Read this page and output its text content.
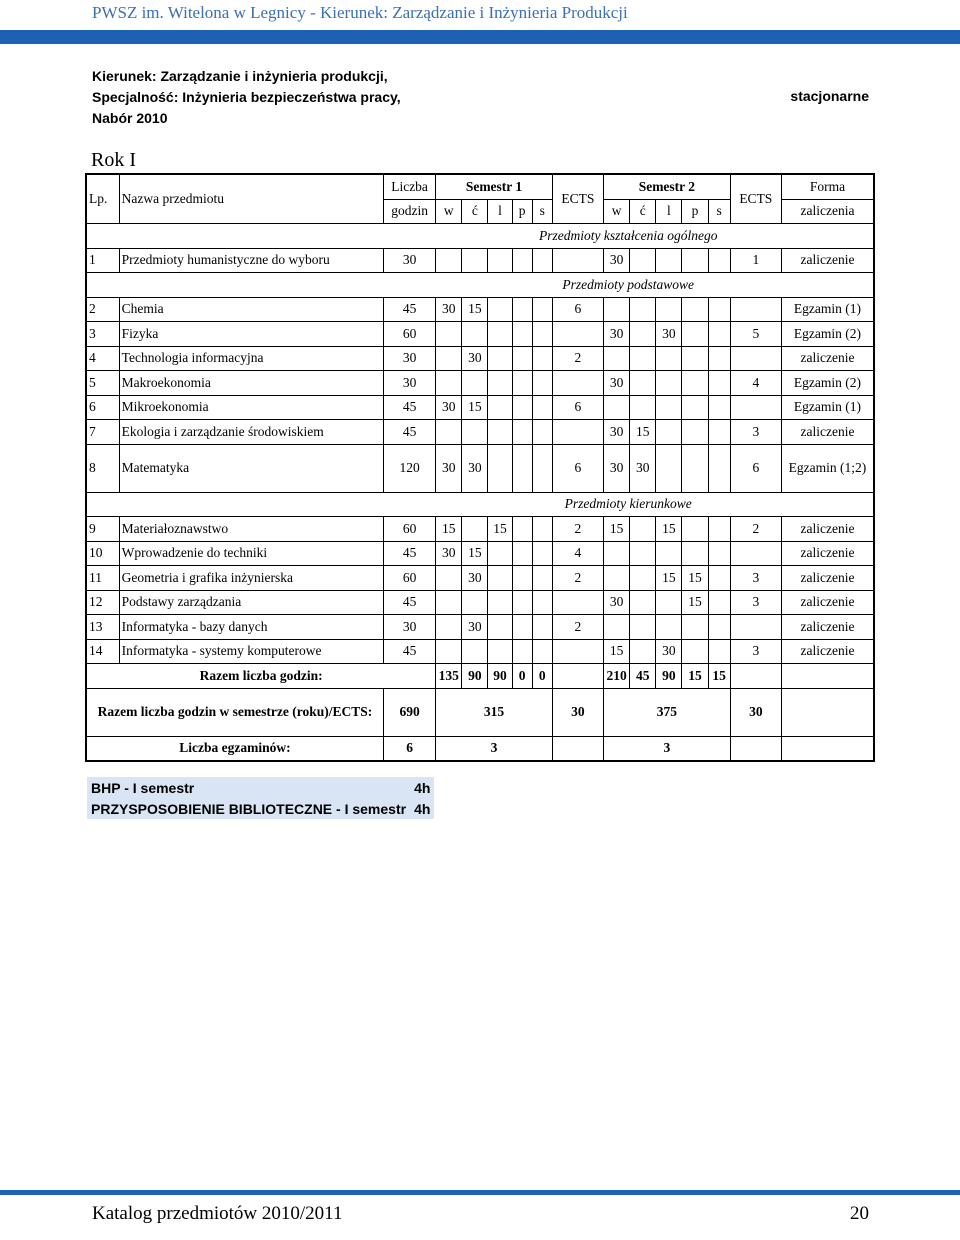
PWSZ im. Witelona w Legnicy - Kierunek: Zarządzanie i Inżynieria Produkcji
Kierunek: Zarządzanie i inżynieria produkcji,
Specjalność: Inżynieria bezpieczeństwa pracy,
Nabór 2010
stacjonarne
Rok I
Lp.	Nazwa przedmiotu	Liczba	Semestr 1					ECTS	Semestr 2					ECTS	Forma
		godzin	w	ć	l	p	s		w	ć	l	p	s		zaliczenia
		Przedmioty kształcenia ogólnego													
1	Przedmioty humanistyczne do wyboru	30							30					1	zaliczenie
		Przedmioty podstawowe													
2	Chemia	45	30	15				6							Egzamin (1)
3	Fizyka	60							30		30			5	Egzamin (2)
4	Technologia informacyjna	30		30				2							zaliczenie
5	Makroekonomia	30							30					4	Egzamin (2)
6	Mikroekonomia	45	30	15				6							Egzamin (1)
7	Ekologia i zarządzanie środowiskiem	45							30	15				3	zaliczenie
8	Matematyka	120	30	30				6	30	30				6	Egzamin (1;2)
		Przedmioty kierunkowe													
9	Materiałoznawstwo	60	15		15			2	15		15			2	zaliczenie
10	Wprowadzenie do techniki	45	30	15				4							zaliczenie
11	Geometria i grafika inżynierska	60		30				2			15	15		3	zaliczenie
12	Podstawy zarządzania	45							30			15		3	zaliczenie
13	Informatyka - bazy danych	30		30				2							zaliczenie
14	Informatyka - systemy komputerowe	45							15		30			3	zaliczenie
Razem liczba godzin:			135	90	90	0	0		210	45	90	15	15		
Razem liczba godzin w semestrze (roku)/ECTS:		690	315					30	375					30	
Liczba egzaminów:		6	3						3						
BHP - I semestr	4h
PRZYSPOSOBIENIE BIBLIOTECZNE - I semestr	4h
Katalog przedmiotów 2010/2011	20
